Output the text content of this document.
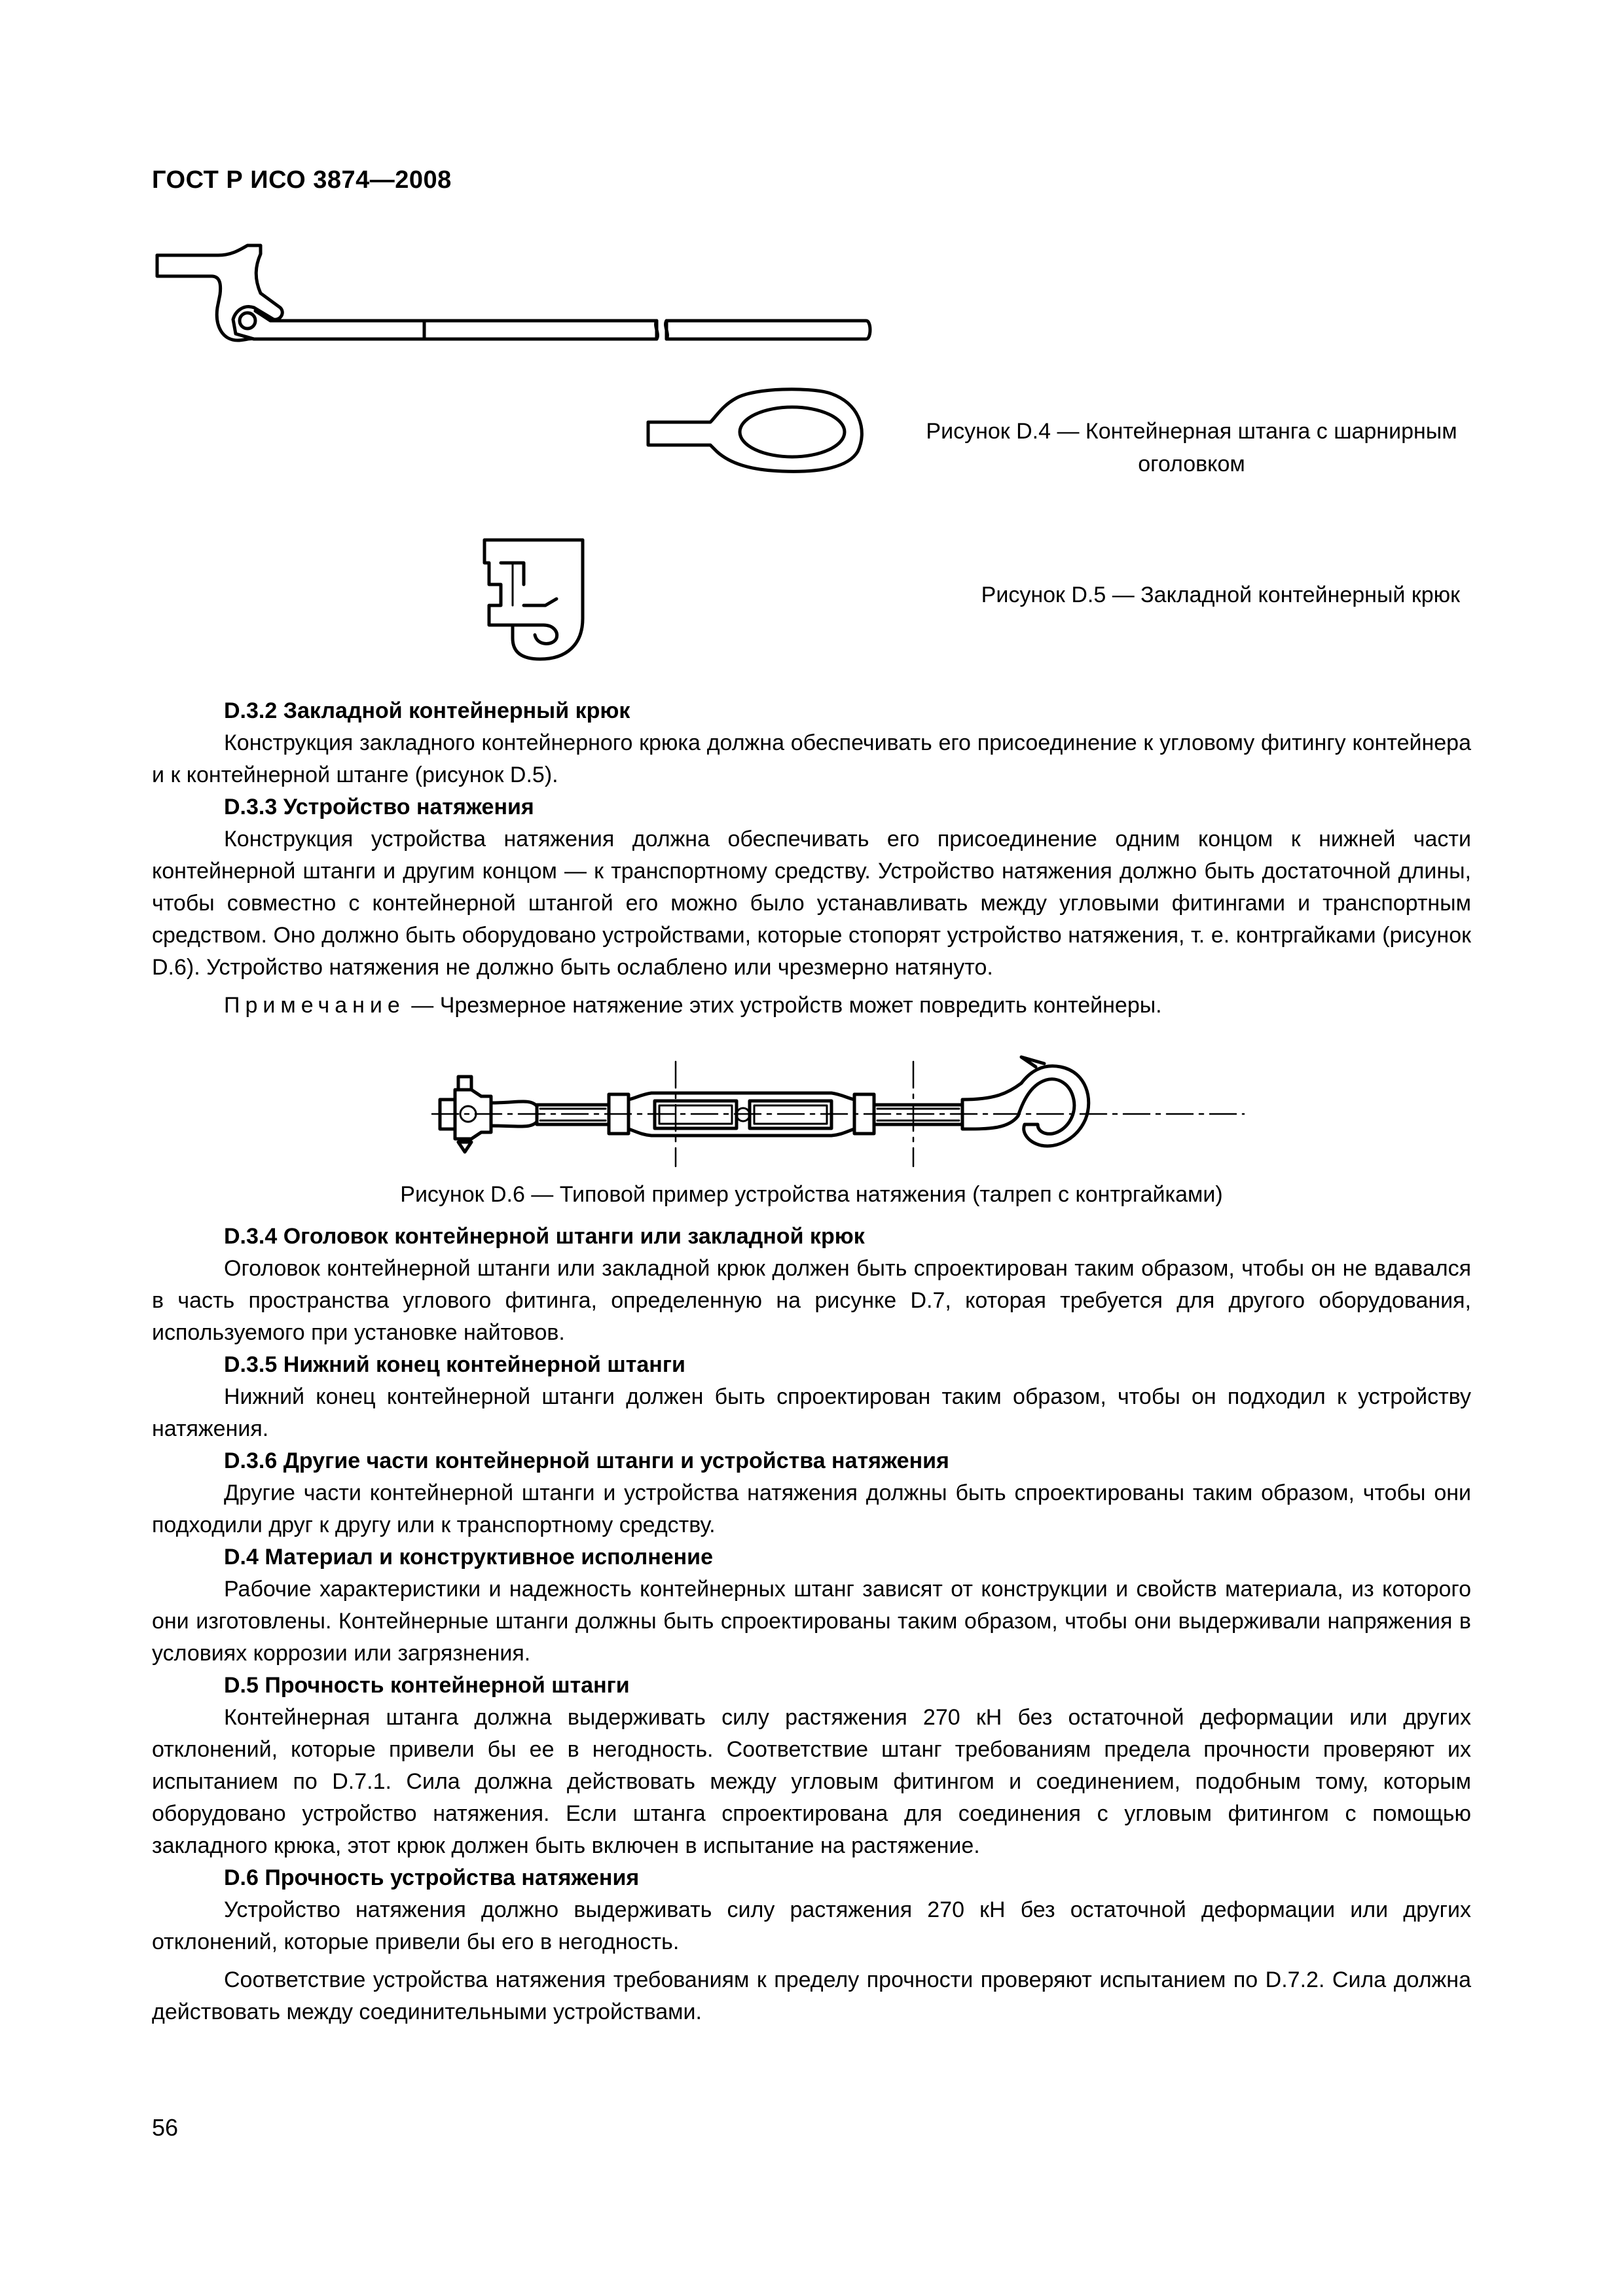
ГОСТ Р ИСО 3874—2008
Рисунок D.4 — Контейнерная штанга с шарнирным оголовком
Рисунок D.5 — Закладной контейнерный крюк
Рисунок D.6 — Типовой пример устройства натяжения (талреп с контргайками)

D.3.2 Закладной контейнерный крюк

Конструкция закладного контейнерного крюка должна обеспечивать его присоединение к угловому фитингу контейнера и к контейнерной штанге (рисунок D.5).

D.3.3 Устройство натяжения

Конструкция устройства натяжения должна обеспечивать его присоединение одним концом к нижней части контейнерной штанги и другим концом — к транспортному средству. Устройство натяжения должно быть достаточной длины, чтобы совместно с контейнерной штангой его можно было устанавливать между угловыми фитингами и транспортным средством. Оно должно быть оборудовано устройствами, которые стопорят устройство натяжения, т. е. контргайками (рисунок D.6). Устройство натяжения не должно быть ослаблено или чрезмерно натянуто.

Примечание — Чрезмерное натяжение этих устройств может повредить контейнеры.

D.3.4 Оголовок контейнерной штанги или закладной крюк

Оголовок контейнерной штанги или закладной крюк должен быть спроектирован таким образом, чтобы он не вдавался в часть пространства углового фитинга, определенную на рисунке D.7, которая требуется для другого оборудования, используемого при установке найтовов.

D.3.5 Нижний конец контейнерной штанги

Нижний конец контейнерной штанги должен быть спроектирован таким образом, чтобы он подходил к устройству натяжения.

D.3.6 Другие части контейнерной штанги и устройства натяжения

Другие части контейнерной штанги и устройства натяжения должны быть спроектированы таким образом, чтобы они подходили друг к другу или к транспортному средству.

D.4 Материал и конструктивное исполнение

Рабочие характеристики и надежность контейнерных штанг зависят от конструкции и свойств материала, из которого они изготовлены. Контейнерные штанги должны быть спроектированы таким образом, чтобы они выдерживали напряжения в условиях коррозии или загрязнения.

D.5 Прочность контейнерной штанги

Контейнерная штанга должна выдерживать силу растяжения 270 кН без остаточной деформации или других отклонений, которые привели бы ее в негодность. Соответствие штанг требованиям предела прочности проверяют их испытанием по D.7.1. Сила должна действовать между угловым фитингом и соединением, подобным тому, которым оборудовано устройство натяжения. Если штанга спроектирована для соединения с угловым фитингом с помощью закладного крюка, этот крюк должен быть включен в испытание на растяжение.

D.6 Прочность устройства натяжения

Устройство натяжения должно выдерживать силу растяжения 270 кН без остаточной деформации или других отклонений, которые привели бы его в негодность.

Соответствие устройства натяжения требованиям к пределу прочности проверяют испытанием по D.7.2. Сила должна действовать между соединительными устройствами.

56
